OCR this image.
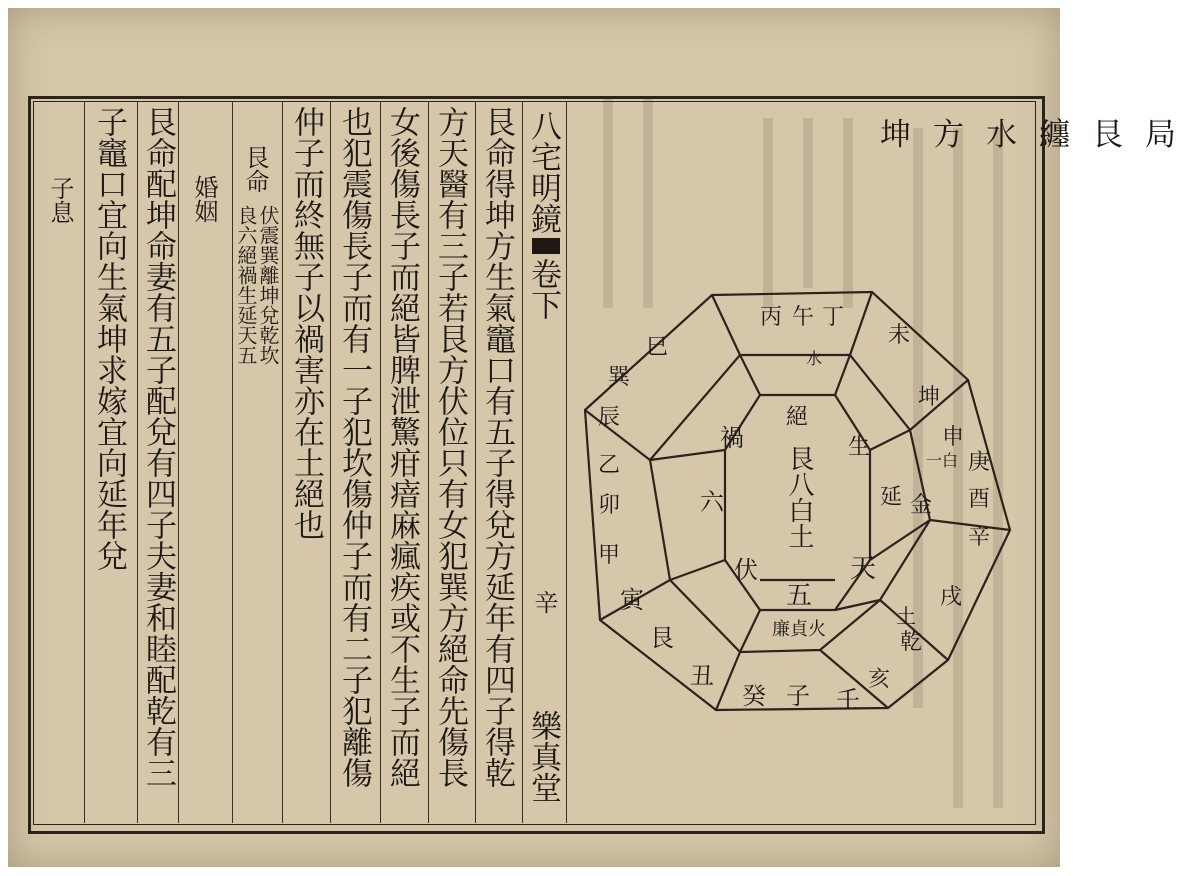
八宅明鏡
卷下
辛
樂真堂
艮命得坤方生氣竈口有五子得兌方延年有四子得乾
方天醫有三子若艮方伏位只有女犯巽方絕命先傷長
女後傷長子而絕皆脾泄驚疳瘖麻瘋疾或不生子而絕
也犯震傷長子而有一子犯坎傷仲子而有二子犯離傷
仲子而終無子以禍害亦在土絕也
艮命
伏震巽離坤兌乾坎
良六絕禍生延天五
婚姻
艮命配坤命妻有五子配兌有四子夫妻和睦配乾有三
子竈口宜向生氣坤求嫁宜向延年兌
子息
坤方水纏艮局
艮八白土
五
廉貞火
壬
子
癸
丑
艮
寅
甲
卯
乙
辰
巽
巳
丙 午 丁
未
坤
申
庚
酉
辛
戌
乾
亥
天
延
生
六
禍
絕
伏
金
一白
土
水
